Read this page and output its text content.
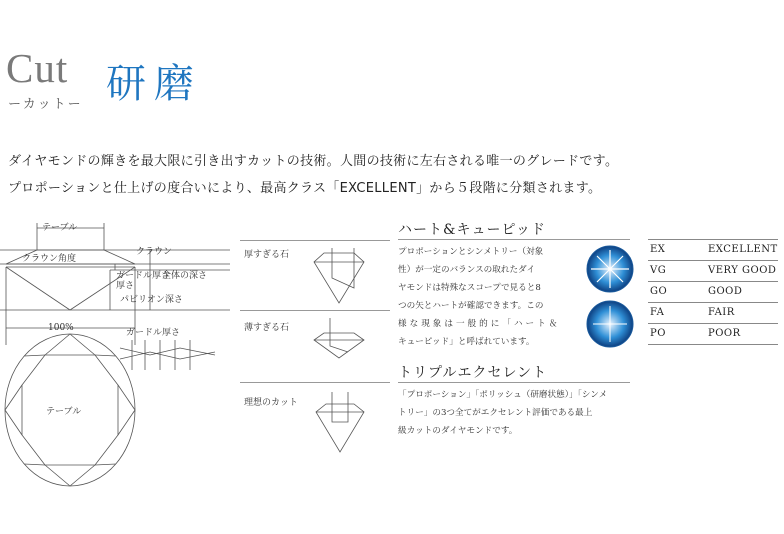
Cut
ーカットー 研磨
ダイヤモンドの輝きを最大限に引き出すカットの技術。人間の技術に左右される唯一のグレードです。
プロポーションと仕上げの度合いにより、最高クラス「EXCELLENT」から５段階に分類されます。
テーブル
クラウン角度
クラウン
ガードル厚さ
全体の深さ
厚さ
パビリオン深さ
100%	ガードル厚さ
テーブル
厚すぎる石
薄すぎる石
理想のカット
ハート&キューピッド
プロポーションとシンメトリー（対象
性）が一定のバランスの取れたダイ
ヤモンドは特殊なスコープで見ると8
つの矢とハートが確認できます。この
様な現象は一般的に「ハート＆
キューピッド」と呼ばれています。
トリプルエクセレント
「プロポーション」「ポリッシュ（研磨状態）」「シンメ
トリー」の3つ全てがエクセレント評価である最上
級カットのダイヤモンドです。
EX	EXCELLENT
VG	VERY GOOD
GO	GOOD
FA	FAIR
PO	POOR
